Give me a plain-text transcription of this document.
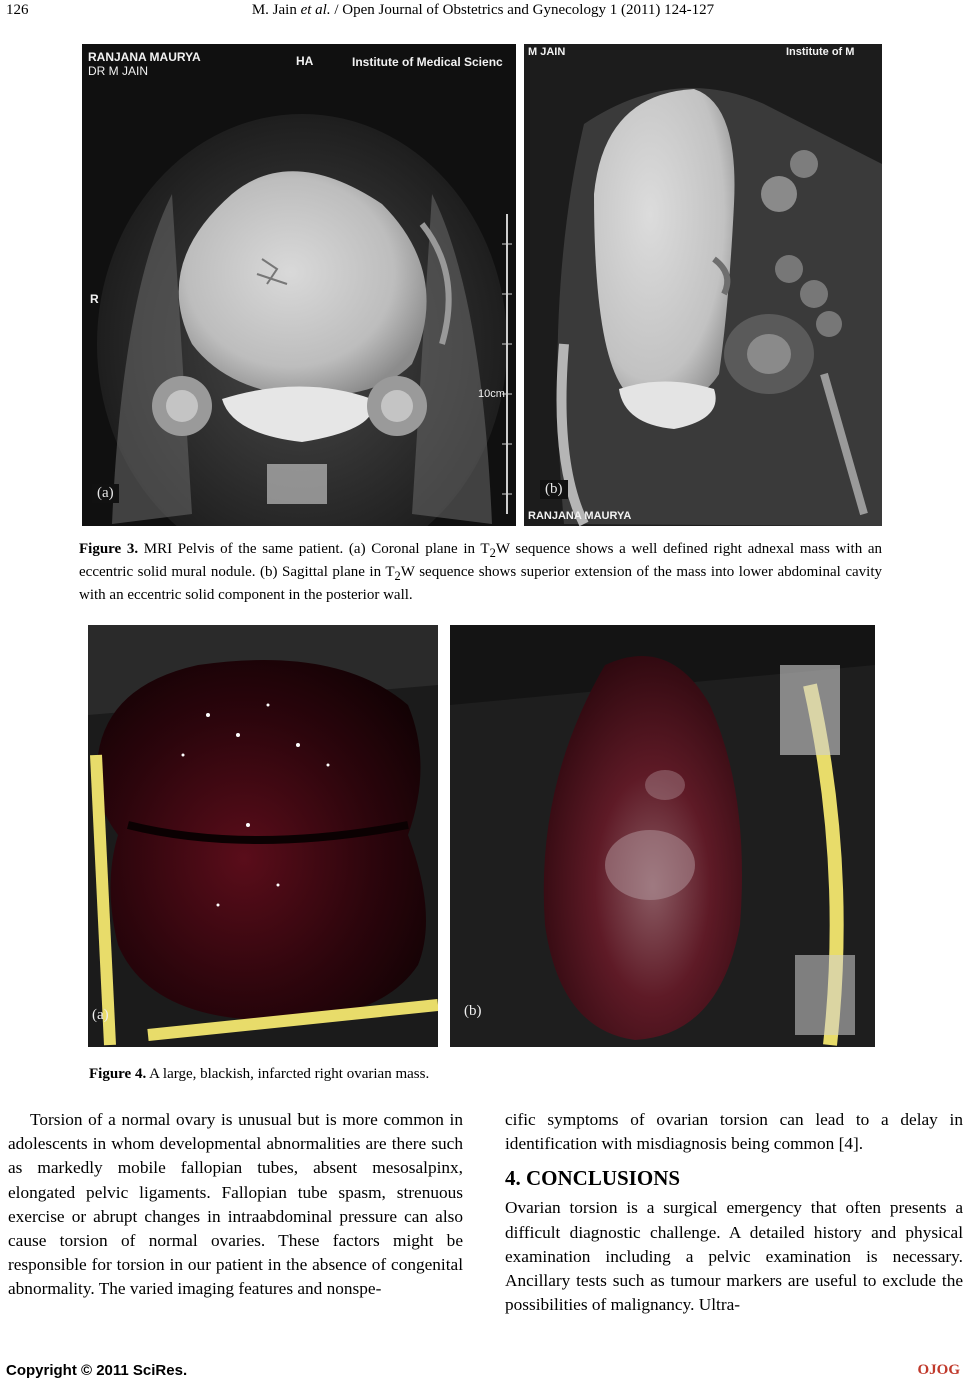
126	M. Jain et al. / Open Journal of Obstetrics and Gynecology 1 (2011) 124-127
RANJANA MAURYA
DR M JAIN
HA	Institute of Medical Scienc
10cm
R
(a)
M JAIN	Institute of M
RANJANA MAURYA
(b)
Figure 3. MRI Pelvis of the same patient. (a) Coronal plane in $T_2W$ sequence shows a well defined right adnexal mass with an eccentric solid mural nodule. (b) Sagittal plane in $T_2W$ sequence shows superior extension of the mass into lower abdominal cavity with an eccentric solid component in the posterior wall.
(a)	(b)
Figure 4. A large, blackish, infarcted right ovarian mass.

Torsion of a normal ovary is unusual but is more common in adolescents in whom developmental abnormalities are there such as markedly mobile fallopian tubes, absent mesosalpinx, elongated pelvic ligaments. Fallopian tube spasm, strenuous exercise or abrupt changes in intraabdominal pressure can also cause torsion of normal ovaries. These factors might be responsible for torsion in our patient in the absence of congenital abnormality. The varied imaging features and nonspe-

cific symptoms of ovarian torsion can lead to a delay in identification with misdiagnosis being common [4].

4. CONCLUSIONS

Ovarian torsion is a surgical emergency that often presents a difficult diagnostic challenge. A detailed history and physical examination including a pelvic examination is necessary. Ancillary tests such as tumour markers are useful to exclude the possibilities of malignancy. Ultra-

Copyright © 2011 SciRes.	OJOG
